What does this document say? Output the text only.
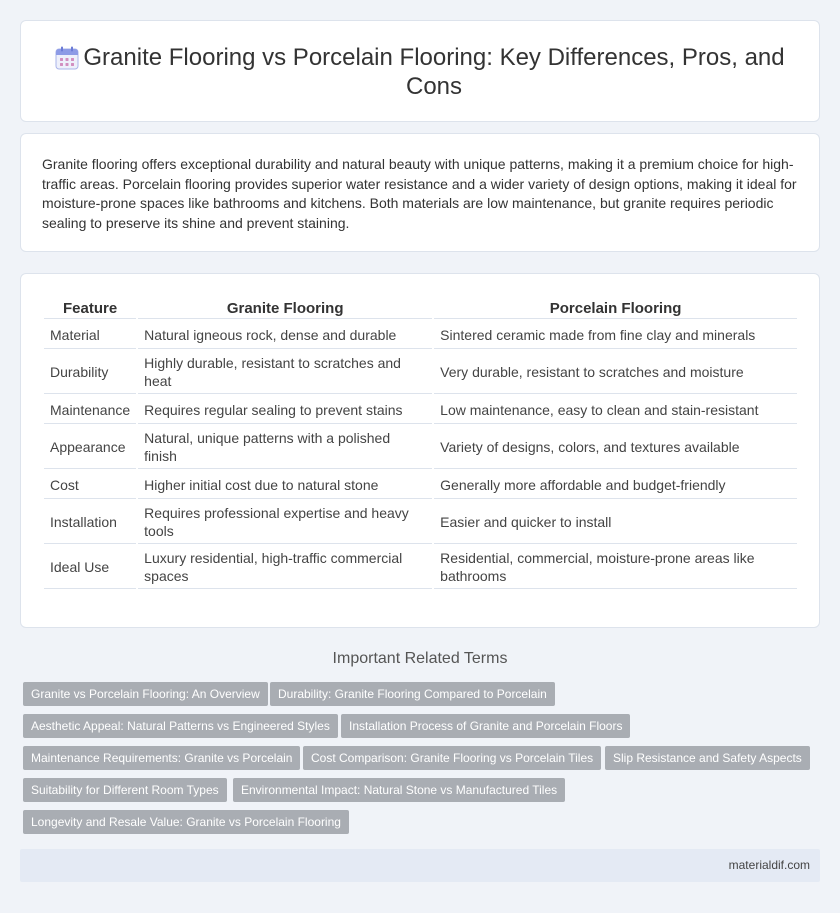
Granite Flooring vs Porcelain Flooring: Key Differences, Pros, and Cons

Granite flooring offers exceptional durability and natural beauty with unique patterns, making it a premium choice for high-traffic areas. Porcelain flooring provides superior water resistance and a wider variety of design options, making it ideal for moisture-prone spaces like bathrooms and kitchens. Both materials are low maintenance, but granite requires periodic sealing to preserve its shine and prevent staining.

Feature	Granite Flooring	Porcelain Flooring
Material	Natural igneous rock, dense and durable	Sintered ceramic made from fine clay and minerals
Durability	Highly durable, resistant to scratches and heat	Very durable, resistant to scratches and moisture
Maintenance	Requires regular sealing to prevent stains	Low maintenance, easy to clean and stain-resistant
Appearance	Natural, unique patterns with a polished finish	Variety of designs, colors, and textures available
Cost	Higher initial cost due to natural stone	Generally more affordable and budget-friendly
Installation	Requires professional expertise and heavy tools	Easier and quicker to install
Ideal Use	Luxury residential, high-traffic commercial spaces	Residential, commercial, moisture-prone areas like bathrooms
Important Related Terms
Granite vs Porcelain Flooring: An Overview	Durability: Granite Flooring Compared to Porcelain
Aesthetic Appeal: Natural Patterns vs Engineered Styles	Installation Process of Granite and Porcelain Floors
Maintenance Requirements: Granite vs Porcelain	Cost Comparison: Granite Flooring vs Porcelain Tiles	Slip Resistance and Safety Aspects
Suitability for Different Room Types	Environmental Impact: Natural Stone vs Manufactured Tiles
Longevity and Resale Value: Granite vs Porcelain Flooring
materialdif.com
